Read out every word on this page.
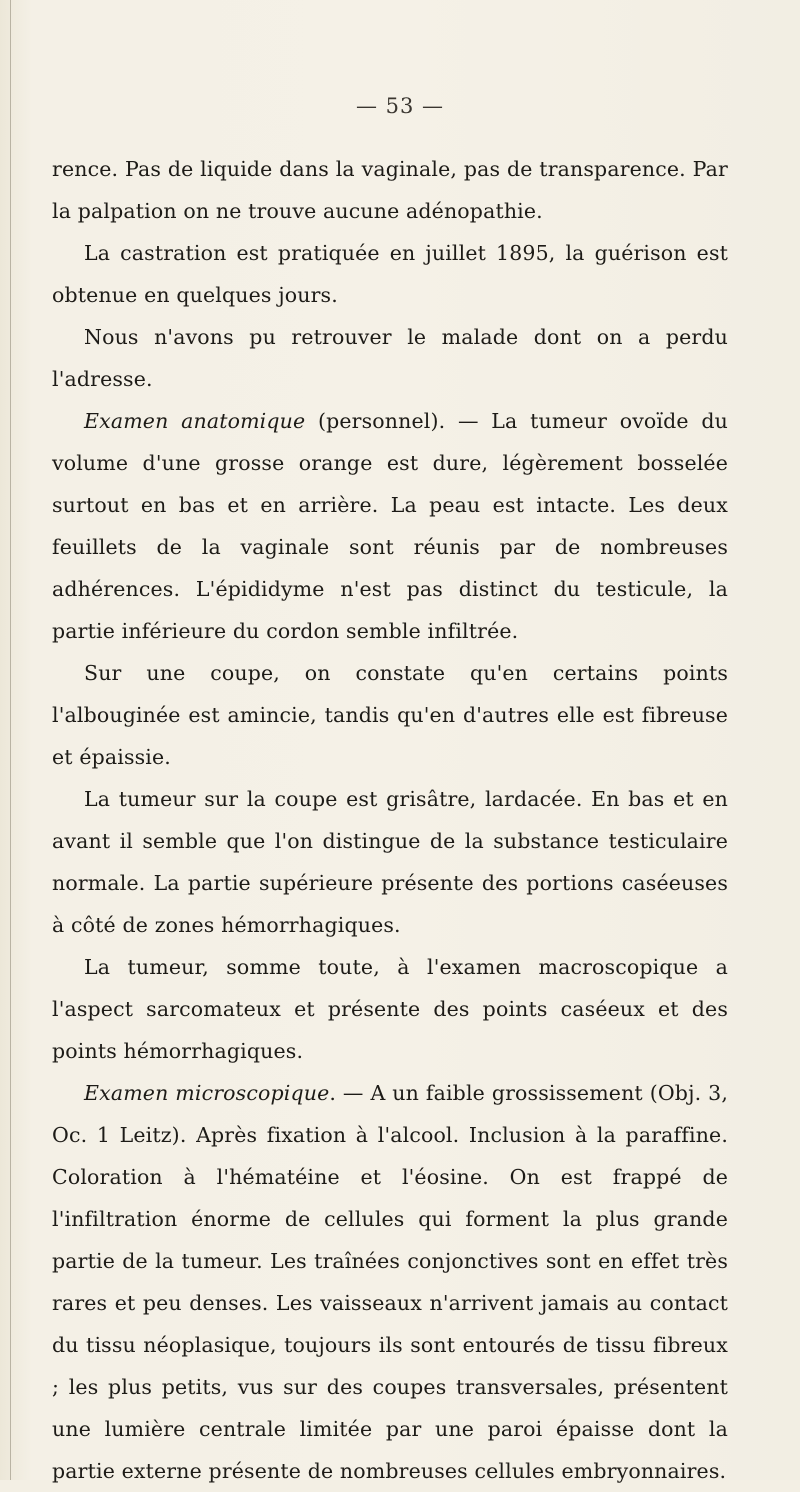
— 53 —

rence. Pas de liquide dans la vaginale, pas de transparence. Par la palpation on ne trouve aucune adénopathie.

La castration est pratiquée en juillet 1895, la guérison est obtenue en quelques jours.

Nous n'avons pu retrouver le malade dont on a perdu l'adresse.

Examen anatomique (personnel). — La tumeur ovoïde du volume d'une grosse orange est dure, légèrement bosselée surtout en bas et en arrière. La peau est intacte. Les deux feuillets de la vaginale sont réunis par de nombreuses adhérences. L'épididyme n'est pas distinct du testicule, la partie inférieure du cordon semble infiltrée.

Sur une coupe, on constate qu'en certains points l'albouginée est amincie, tandis qu'en d'autres elle est fibreuse et épaissie.

La tumeur sur la coupe est grisâtre, lardacée. En bas et en avant il semble que l'on distingue de la substance testiculaire normale. La partie supérieure présente des portions caséeuses à côté de zones hémorrhagiques.

La tumeur, somme toute, à l'examen macroscopique a l'aspect sarcomateux et présente des points caséeux et des points hémorrhagiques.

Examen microscopique. — A un faible grossissement (Obj. 3, Oc. 1 Leitz). Après fixation à l'alcool. Inclusion à la paraffine. Coloration à l'hématéine et l'éosine. On est frappé de l'infiltration énorme de cellules qui forment la plus grande partie de la tumeur. Les traînées conjonctives sont en effet très rares et peu denses. Les vaisseaux n'arrivent jamais au contact du tissu néoplasique, toujours ils sont entourés de tissu fibreux ; les plus petits, vus sur des coupes transversales, présentent une lumière centrale limitée par une paroi épaisse dont la partie externe présente de nombreuses cellules embryonnaires.
